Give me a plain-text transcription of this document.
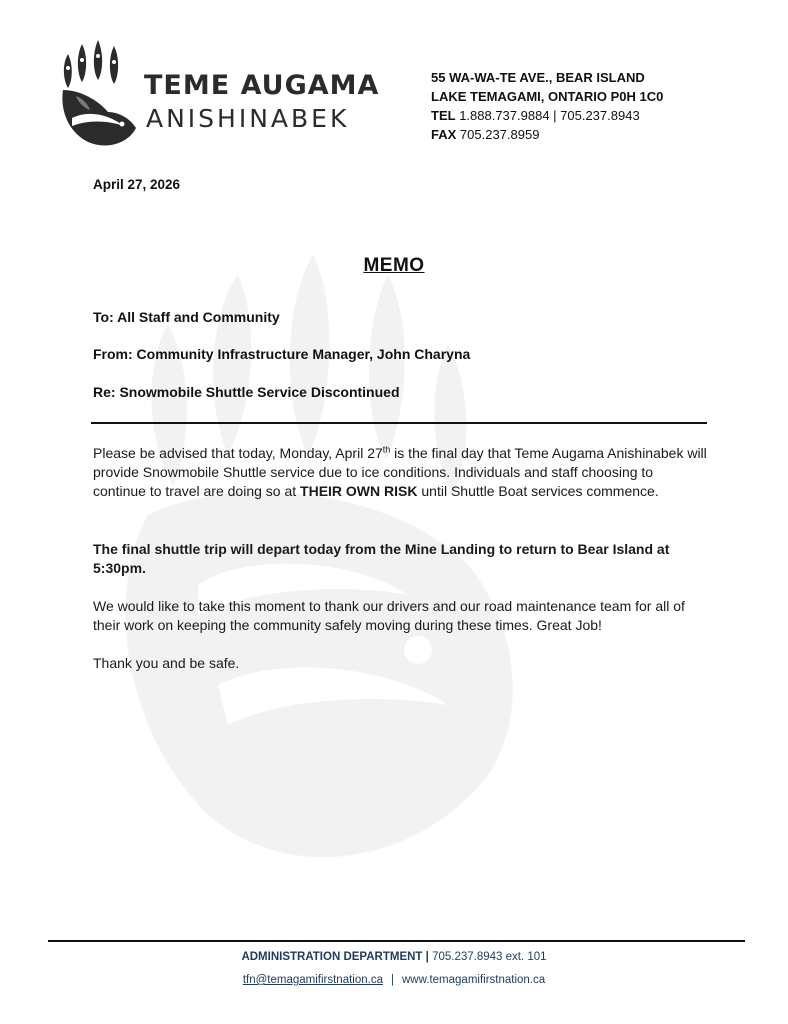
TEME AUGAMA
ANISHINABEK
55 WA-WA-TE AVE., BEAR ISLAND
LAKE TEMAGAMI, ONTARIO P0H 1C0
TEL 1.888.737.9884 | 705.237.8943
FAX 705.237.8959
April 27, 2026
MEMO
To: All Staff and Community
From: Community Infrastructure Manager, John Charyna
Re: Snowmobile Shuttle Service Discontinued
Please be advised that today, Monday, April 27th is the final day that Teme Augama Anishinabek will provide Snowmobile Shuttle service due to ice conditions. Individuals and staff choosing to continue to travel are doing so at THEIR OWN RISK until Shuttle Boat services commence.
The final shuttle trip will depart today from the Mine Landing to return to Bear Island at 5:30pm.
We would like to take this moment to thank our drivers and our road maintenance team for all of their work on keeping the community safely moving during these times. Great Job!
Thank you and be safe.
ADMINISTRATION DEPARTMENT | 705.237.8943 ext. 101
tfn@temagamifirstnation.ca | www.temagamifirstnation.ca
